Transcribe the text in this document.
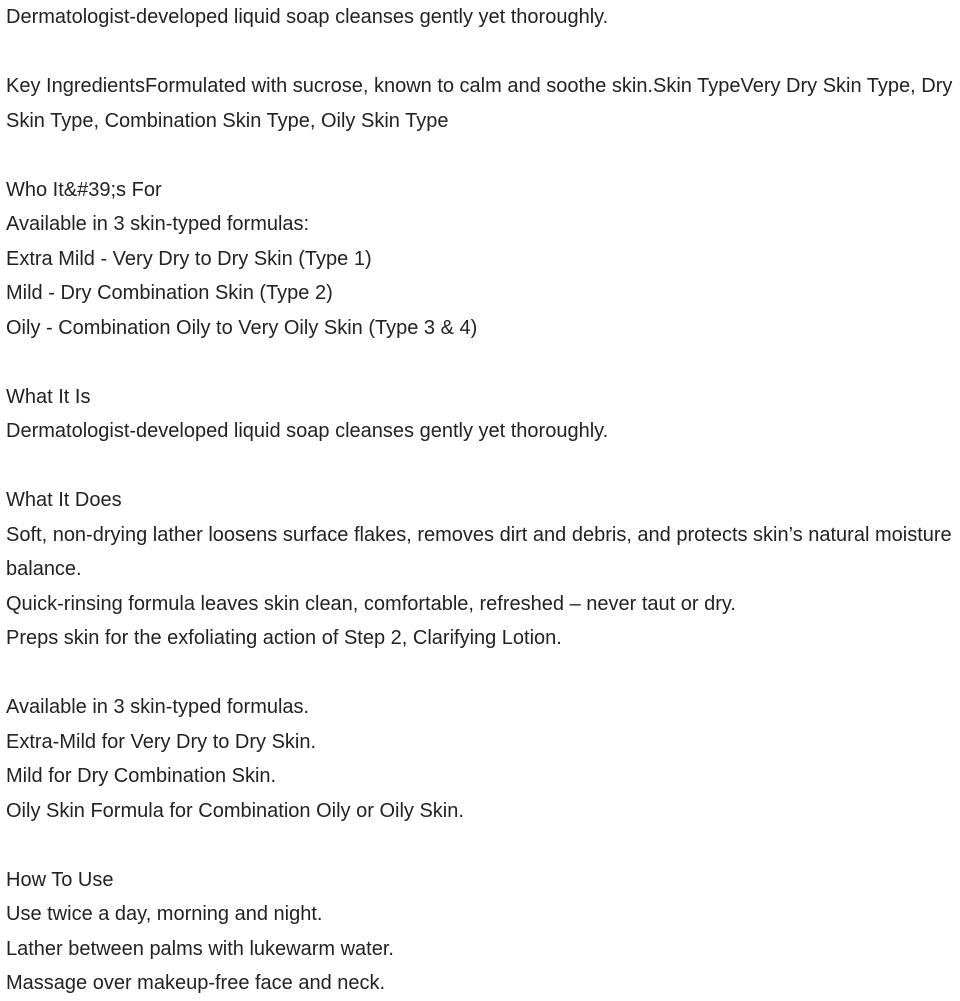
Dermatologist-developed liquid soap cleanses gently yet thoroughly.

Key IngredientsFormulated with sucrose, known to calm and soothe skin.Skin TypeVery Dry Skin Type, Dry Skin Type, Combination Skin Type, Oily Skin Type

Who It&#39;s For
Available in 3 skin-typed formulas:
Extra Mild - Very Dry to Dry Skin (Type 1)
Mild - Dry Combination Skin (Type 2)
Oily - Combination Oily to Very Oily Skin (Type 3 & 4)

What It Is
Dermatologist-developed liquid soap cleanses gently yet thoroughly.

What It Does
Soft, non-drying lather loosens surface flakes, removes dirt and debris, and protects skin’s natural moisture balance.
Quick-rinsing formula leaves skin clean, comfortable, refreshed – never taut or dry.
Preps skin for the exfoliating action of Step 2, Clarifying Lotion.

Available in 3 skin-typed formulas.
Extra-Mild for Very Dry to Dry Skin.
Mild for Dry Combination Skin.
Oily Skin Formula for Combination Oily or Oily Skin.

How To Use
Use twice a day, morning and night.
Lather between palms with lukewarm water.
Massage over makeup-free face and neck.
